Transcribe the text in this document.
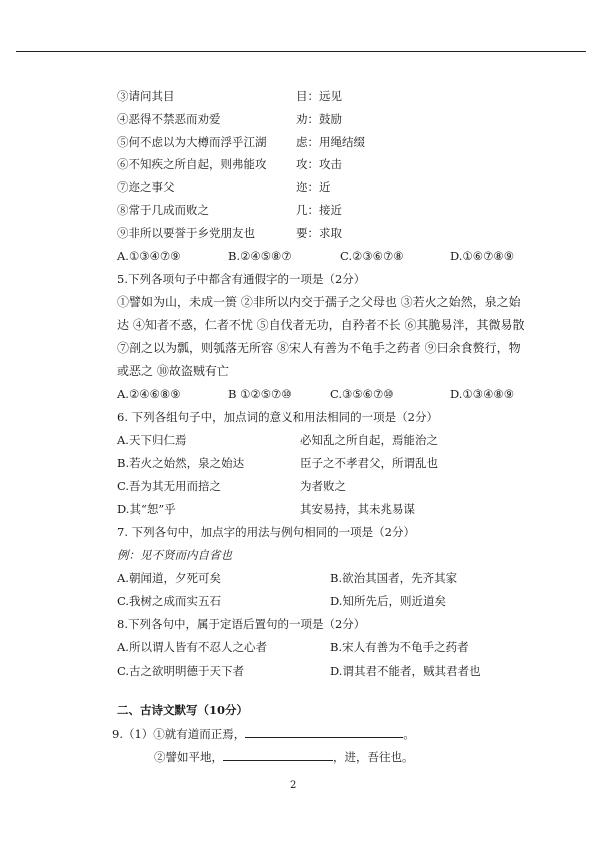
③请问其目	目：远见
④恶得不禁恶而劝爱	劝：鼓励
⑤何不虑以为大樽而浮乎江湖	虑：用绳结缀
⑥不知疾之所自起，则弗能攻	攻：攻击
⑦迩之事父	迩：近
⑧常于几成而败之	几：接近
⑨非所以要誉于乡党朋友也	要：求取
A.①③④⑦⑨	B.②④⑤⑧⑦	C.②③⑥⑦⑧	D.①⑥⑦⑧⑨
5.下列各项句子中都含有通假字的一项是（2分）
①譬如为山，未成一篑 ②非所以内交于孺子之父母也 ③若火之始然，泉之始
达 ④知者不惑，仁者不忧 ⑤自伐者无功，自矜者不长 ⑥其脆易泮，其微易散
⑦剖之以为瓢，则瓠落无所容 ⑧宋人有善为不龟手之药者 ⑨曰余食赘行，物
或恶之 ⑩故盗贼有亡
A.②④⑥⑧⑨	B ①②⑤⑦⑩	C.③⑤⑥⑦⑩	D.①③④⑧⑨
6. 下列各组句子中，加点词的意义和用法相同的一项是（2分）
A.天下归仁焉	必知乱之所自起，焉能治之
B.若火之始然，泉之始达	臣子之不孝君父，所谓乱也
C.吾为其无用而掊之	为者败之
D.其“恕”乎	其安易持，其未兆易谋
7. 下列各句中，加点字的用法与例句相同的一项是（2分）
例：见不贤而内自省也
A.朝闻道，夕死可矣	B.欲治其国者，先齐其家
C.我树之成而实五石	D.知所先后，则近道矣
8.下列各句中，属于定语后置句的一项是（2分）
A.所以谓人皆有不忍人之心者	B.宋人有善为不龟手之药者
C.古之欲明明德于天下者	D.谓其君不能者，贼其君者也
二、古诗文默写（10分）
9.（1）①就有道而正焉，	。
②譬如平地，	，进，吾往也。
2
